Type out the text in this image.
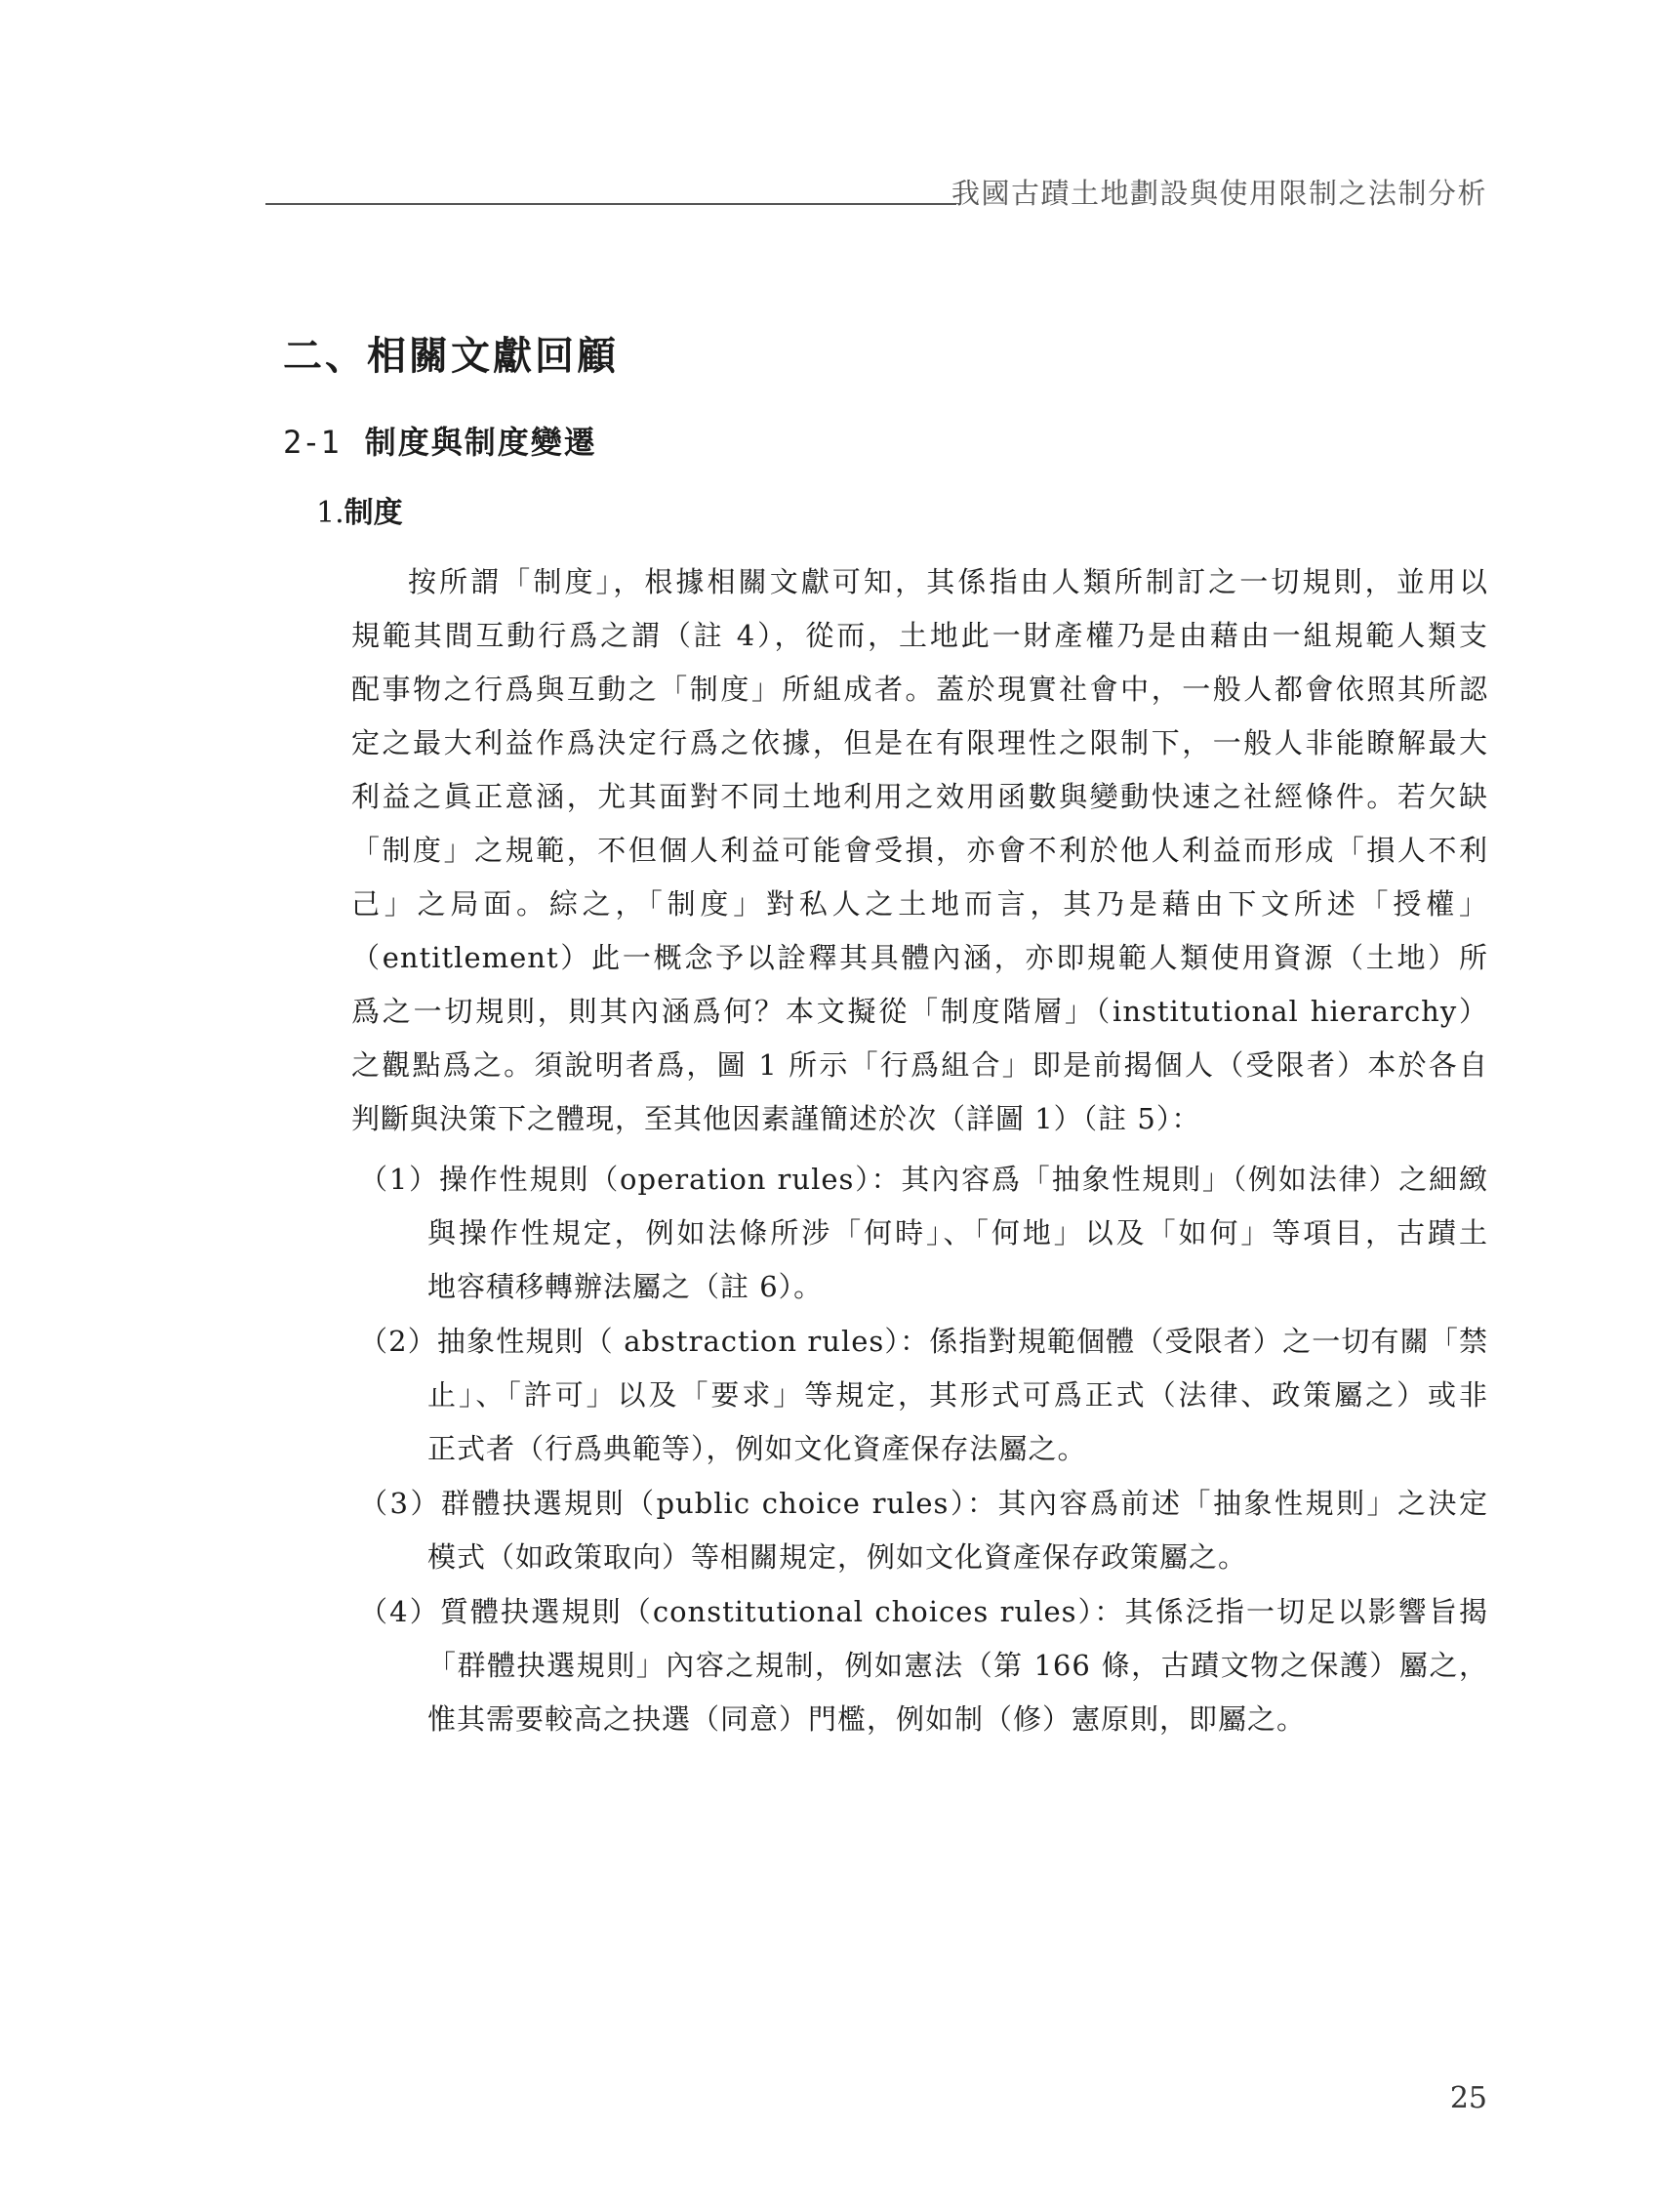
我國古蹟土地劃設與使用限制之法制分析
二、相關文獻回顧
2-1 制度與制度變遷
1.制度
按所謂「制度」，根據相關文獻可知，其係指由人類所制訂之一切規則，並用以
規範其間互動行爲之謂（註 4），從而，土地此一財產權乃是由藉由一組規範人類支
配事物之行爲與互動之「制度」所組成者。蓋於現實社會中，一般人都會依照其所認
定之最大利益作爲決定行爲之依據，但是在有限理性之限制下，一般人非能瞭解最大
利益之眞正意涵，尤其面對不同土地利用之效用函數與變動快速之社經條件。若欠缺
「制度」之規範，不但個人利益可能會受損，亦會不利於他人利益而形成「損人不利
己」之局面。綜之，「制度」對私人之土地而言，其乃是藉由下文所述「授權」
（entitlement）此一概念予以詮釋其具體內涵，亦即規範人類使用資源（土地）所
爲之一切規則，則其內涵爲何？本文擬從「制度階層」（institutional hierarchy）
之觀點爲之。須說明者爲，圖 1 所示「行爲組合」即是前揭個人（受限者）本於各自
判斷與決策下之體現，至其他因素謹簡述於次（詳圖 1）（註 5）：
（1）操作性規則（operation rules）：其內容爲「抽象性規則」（例如法律）之細緻
與操作性規定，例如法條所涉「何時」、「何地」以及「如何」等項目，古蹟土
地容積移轉辦法屬之（註 6）。
（2）抽象性規則（ abstraction rules）：係指對規範個體（受限者）之一切有關「禁
止」、「許可」以及「要求」等規定，其形式可爲正式（法律、政策屬之）或非
正式者（行爲典範等），例如文化資產保存法屬之。
（3）群體抉選規則（public choice rules）：其內容爲前述「抽象性規則」之決定
模式（如政策取向）等相關規定，例如文化資產保存政策屬之。
（4）質體抉選規則（constitutional choices rules）：其係泛指一切足以影響旨揭
「群體抉選規則」內容之規制，例如憲法（第 166 條，古蹟文物之保護）屬之，
惟其需要較高之抉選（同意）門檻，例如制（修）憲原則，即屬之。
25
